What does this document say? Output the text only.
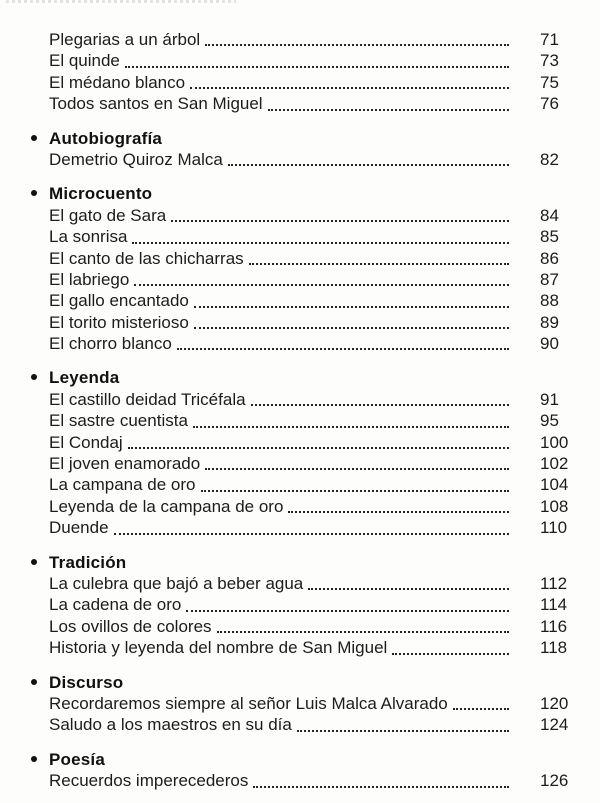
Plegarias a un árbol	71
El quinde	73
El médano blanco	75
Todos santos en San Miguel	76
Autobiografía
Demetrio Quiroz Malca	82
Microcuento
El gato de Sara	84
La sonrisa	85
El canto de las chicharras	86
El labriego	87
El gallo encantado	88
El torito misterioso	89
El chorro blanco	90
Leyenda
El castillo deidad Tricéfala	91
El sastre cuentista	95
El Condaj	100
El joven enamorado	102
La campana de oro	104
Leyenda de la campana de oro	108
Duende	110
Tradición
La culebra que bajó a beber agua	112
La cadena de oro	114
Los ovillos de colores	116
Historia y leyenda del nombre de San Miguel	118
Discurso
Recordaremos siempre al señor Luis Malca Alvarado	120
Saludo a los maestros en su día	124
Poesía
Recuerdos imperecederos	126
